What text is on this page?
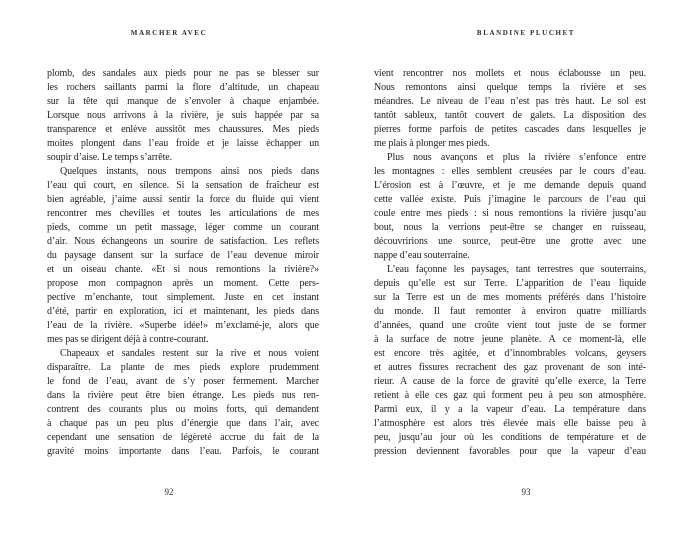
MARCHER AVEC
plomb, des sandales aux pieds pour ne pas se blesser sur
les rochers saillants parmi la flore d’altitude, un chapeau
sur la tête qui manque de s’envoler à chaque enjambée.
Lorsque nous arrivons à la rivière, je suis happée par sa
transparence et enlève aussitôt mes chaussures. Mes pieds
moites plongent dans l’eau froide et je laisse échapper un
soupir d’aise. Le temps s’arrête.
Quelques instants, nous trempons ainsi nos pieds dans
l’eau qui court, en silence. Si la sensation de fraîcheur est
bien agréable, j’aime aussi sentir la force du fluide qui vient
rencontrer mes chevilles et toutes les articulations de mes
pieds, comme un petit massage, léger comme un courant
d’air. Nous échangeons un sourire de satisfaction. Les reflets
du paysage dansent sur la surface de l’eau devenue miroir
et un oiseau chante. «Et si nous remontions la rivière?»
propose mon compagnon après un moment. Cette pers-
pective m’enchante, tout simplement. Juste en cet instant
d’été, partir en exploration, ici et maintenant, les pieds dans
l’eau de la rivière. «Superbe idée!» m’exclamé-je, alors que
mes pas se dirigent déjà à contre-courant.
Chapeaux et sandales restent sur la rive et nous voient
disparaître. La plante de mes pieds explore prudemment
le fond de l’eau, avant de s’y poser fermement. Marcher
dans la rivière peut être bien étrange. Les pieds nus ren-
contrent des courants plus ou moins forts, qui demandent
à chaque pas un peu plus d’énergie que dans l’air, avec
cependant une sensation de légèreté accrue du fait de la
gravité moins importante dans l’eau. Parfois, le courant
92
BLANDINE PLUCHET
vient rencontrer nos mollets et nous éclabousse un peu.
Nous remontons ainsi quelque temps la rivière et ses
méandres. Le niveau de l’eau n’est pas très haut. Le sol est
tantôt sableux, tantôt couvert de galets. La disposition des
pierres forme parfois de petites cascades dans lesquelles je
me plais à plonger mes pieds.
Plus nous avançons et plus la rivière s’enfonce entre
les montagnes : elles semblent creusées par le cours d’eau.
L’érosion est à l’œuvre, et je me demande depuis quand
cette vallée existe. Puis j’imagine le parcours de l’eau qui
coule entre mes pieds : si nous remontions la rivière jusqu’au
bout, nous la verrions peut-être se changer en ruisseau,
découvririons une source, peut-être une grotte avec une
nappe d’eau souterraine.
L’eau façonne les paysages, tant terrestres que souterrains,
depuis qu’elle est sur Terre. L’apparition de l’eau liquide
sur la Terre est un de mes moments préférés dans l’histoire
du monde. Il faut remonter à environ quatre milliards
d’années, quand une croûte vient tout juste de se former
à la surface de notre jeune planète. A ce moment-là, elle
est encore très agitée, et d’innombrables volcans, geysers
et autres fissures recrachent des gaz provenant de son inté-
rieur. A cause de la force de gravité qu’elle exerce, la Terre
retient à elle ces gaz qui forment peu à peu son atmosphère.
Parmi eux, il y a la vapeur d’eau. La température dans
l’atmosphère est alors très élevée mais elle baisse peu à
peu, jusqu’au jour où les conditions de température et de
pression deviennent favorables pour que la vapeur d’eau
93
